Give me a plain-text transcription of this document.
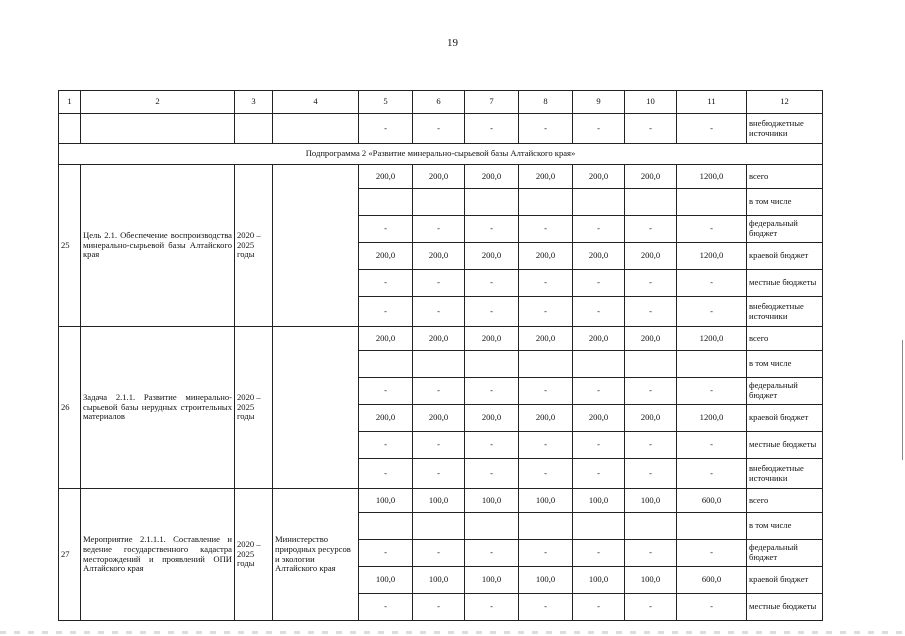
19
1	2	3	4	5	6	7	8	9	10	11	12
				-	-	-	-	-	-	-	внебюджетные источники
Подпрограмма 2 «Развитие минерально-сырьевой базы Алтайского края»											
25	Цель 2.1. Обеспечение воспроизводства минерально-сырьевой базы Алтайского края	2020 – 2025 годы		200,0	200,0	200,0	200,0	200,0	200,0	1200,0	всего
											в том числе
				-	-	-	-	-	-	-	федеральный бюджет
				200,0	200,0	200,0	200,0	200,0	200,0	1200,0	краевой бюджет
				-	-	-	-	-	-	-	местные бюджеты
				-	-	-	-	-	-	-	внебюджетные источники
26	Задача 2.1.1. Развитие минерально-сырьевой базы нерудных строительных материалов	2020 – 2025 годы		200,0	200,0	200,0	200,0	200,0	200,0	1200,0	всего
											в том числе
				-	-	-	-	-	-	-	федеральный бюджет
				200,0	200,0	200,0	200,0	200,0	200,0	1200,0	краевой бюджет
				-	-	-	-	-	-	-	местные бюджеты
				-	-	-	-	-	-	-	внебюджетные источники
27	Мероприятие 2.1.1.1. Составление и ведение государственного кадастра месторождений и проявлений ОПИ Алтайского края	2020 – 2025 годы	Министерство природных ресурсов и экологии Алтайского края	100,0	100,0	100,0	100,0	100,0	100,0	600,0	всего
											в том числе
				-	-	-	-	-	-	-	федеральный бюджет
				100,0	100,0	100,0	100,0	100,0	100,0	600,0	краевой бюджет
				-	-	-	-	-	-	-	местные бюджеты
